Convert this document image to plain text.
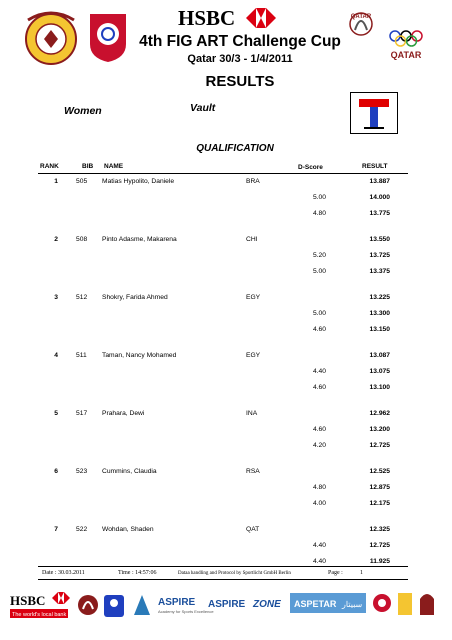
HSBC	QATAR
QATAR
4th FIG ART Challenge Cup
Qatar 30/3 - 1/4/2011
RESULTS
Women	Vault
QUALIFICATION
RANK	BIB NAME	D-Score	RESULT
1	505 Matias Hypolito, Daniele	BRA	13.887
5.00	14.000
4.80	13.775
2	508 Pinto Adasme, Makarena	CHI	13.550
5.20	13.725
5.00	13.375
3	512 Shokry, Farida Ahmed	EGY	13.225
5.00	13.300
4.60	13.150
4	511 Taman, Nancy Mohamed	EGY	13.087
4.40	13.075
4.60	13.100
5	517 Prahara, Dewi	INA	12.962
4.60	13.200
4.20	12.725
6	523 Cummins, Claudia	RSA	12.525
4.80	12.875
4.00	12.175
7	522 Wohdan, Shaden	QAT	12.325
4.40	12.725
4.40	11.925
Date : 30.03.2011	Time : 14:57:06	Dataa handling and Protocol by Sportlicht GmbH Berlin	Page :	1
HSBC
The world's local bank
ASPIRE
Academy for Sports Excellence
ASPIRE ZONE ASPETAR سبيتار
